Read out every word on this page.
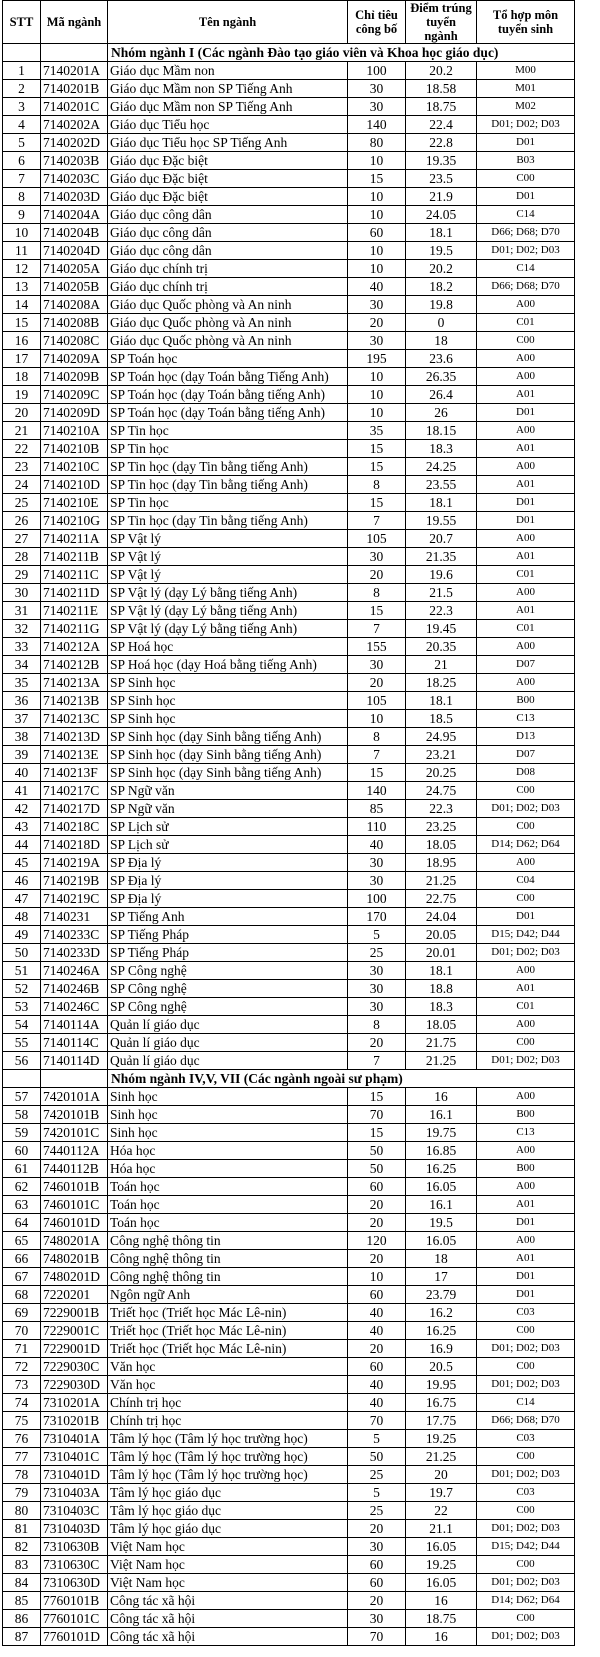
STT	Mã ngành	Tên ngành	Chỉ tiêu công bố	Điểm trúng tuyển ngành	Tổ hợp môn tuyển sinh
		Nhóm ngành I (Các ngành Đào tạo giáo viên và Khoa học giáo dục)			
1	7140201A	Giáo dục Mầm non	100	20.2	M00
2	7140201B	Giáo dục Mầm non SP Tiếng Anh	30	18.58	M01
3	7140201C	Giáo dục Mầm non SP Tiếng Anh	30	18.75	M02
4	7140202A	Giáo dục Tiểu học	140	22.4	D01; D02; D03
5	7140202D	Giáo dục Tiểu học SP Tiếng Anh	80	22.8	D01
6	7140203B	Giáo dục Đặc biệt	10	19.35	B03
7	7140203C	Giáo dục Đặc biệt	15	23.5	C00
8	7140203D	Giáo dục Đặc biệt	10	21.9	D01
9	7140204A	Giáo dục công dân	10	24.05	C14
10	7140204B	Giáo dục công dân	60	18.1	D66; D68; D70
11	7140204D	Giáo dục công dân	10	19.5	D01; D02; D03
12	7140205A	Giáo dục chính trị	10	20.2	C14
13	7140205B	Giáo dục chính trị	40	18.2	D66; D68; D70
14	7140208A	Giáo dục Quốc phòng và An ninh	30	19.8	A00
15	7140208B	Giáo dục Quốc phòng và An ninh	20	0	C01
16	7140208C	Giáo dục Quốc phòng và An ninh	30	18	C00
17	7140209A	SP Toán học	195	23.6	A00
18	7140209B	SP Toán học (dạy Toán bằng Tiếng Anh)	10	26.35	A00
19	7140209C	SP Toán học (dạy Toán bằng tiếng Anh)	10	26.4	A01
20	7140209D	SP Toán học (dạy Toán bằng tiếng Anh)	10	26	D01
21	7140210A	SP Tin học	35	18.15	A00
22	7140210B	SP Tin học	15	18.3	A01
23	7140210C	SP Tin học (dạy Tin bằng tiếng Anh)	15	24.25	A00
24	7140210D	SP Tin học (dạy Tin bằng tiếng Anh)	8	23.55	A01
25	7140210E	SP Tin học	15	18.1	D01
26	7140210G	SP Tin học (dạy Tin bằng tiếng Anh)	7	19.55	D01
27	7140211A	SP Vật lý	105	20.7	A00
28	7140211B	SP Vật lý	30	21.35	A01
29	7140211C	SP Vật lý	20	19.6	C01
30	7140211D	SP Vật lý (dạy Lý bằng tiếng Anh)	8	21.5	A00
31	7140211E	SP Vật lý (dạy Lý bằng tiếng Anh)	15	22.3	A01
32	7140211G	SP Vật lý (dạy Lý bằng tiếng Anh)	7	19.45	C01
33	7140212A	SP Hoá học	155	20.35	A00
34	7140212B	SP Hoá học (dạy Hoá bằng tiếng Anh)	30	21	D07
35	7140213A	SP Sinh học	20	18.25	A00
36	7140213B	SP Sinh học	105	18.1	B00
37	7140213C	SP Sinh học	10	18.5	C13
38	7140213D	SP Sinh học (dạy Sinh bằng tiếng Anh)	8	24.95	D13
39	7140213E	SP Sinh học (dạy Sinh bằng tiếng Anh)	7	23.21	D07
40	7140213F	SP Sinh học (dạy Sinh bằng tiếng Anh)	15	20.25	D08
41	7140217C	SP Ngữ văn	140	24.75	C00
42	7140217D	SP Ngữ văn	85	22.3	D01; D02; D03
43	7140218C	SP Lịch sử	110	23.25	C00
44	7140218D	SP Lịch sử	40	18.05	D14; D62; D64
45	7140219A	SP Địa lý	30	18.95	A00
46	7140219B	SP Địa lý	30	21.25	C04
47	7140219C	SP Địa lý	100	22.75	C00
48	7140231	SP Tiếng Anh	170	24.04	D01
49	7140233C	SP Tiếng Pháp	5	20.05	D15; D42; D44
50	7140233D	SP Tiếng Pháp	25	20.01	D01; D02; D03
51	7140246A	SP Công nghệ	30	18.1	A00
52	7140246B	SP Công nghệ	30	18.8	A01
53	7140246C	SP Công nghệ	30	18.3	C01
54	7140114A	Quản lí giáo dục	8	18.05	A00
55	7140114C	Quản lí giáo dục	20	21.75	C00
56	7140114D	Quản lí giáo dục	7	21.25	D01; D02; D03
		Nhóm ngành IV,V, VII (Các ngành ngoài sư phạm)			
57	7420101A	Sinh học	15	16	A00
58	7420101B	Sinh học	70	16.1	B00
59	7420101C	Sinh học	15	19.75	C13
60	7440112A	Hóa học	50	16.85	A00
61	7440112B	Hóa học	50	16.25	B00
62	7460101B	Toán học	60	16.05	A00
63	7460101C	Toán học	20	16.1	A01
64	7460101D	Toán học	20	19.5	D01
65	7480201A	Công nghệ thông tin	120	16.05	A00
66	7480201B	Công nghệ thông tin	20	18	A01
67	7480201D	Công nghệ thông tin	10	17	D01
68	7220201	Ngôn ngữ Anh	60	23.79	D01
69	7229001B	Triết học (Triết học Mác Lê-nin)	40	16.2	C03
70	7229001C	Triết học (Triết học Mác Lê-nin)	40	16.25	C00
71	7229001D	Triết học (Triết học Mác Lê-nin)	20	16.9	D01; D02; D03
72	7229030C	Văn học	60	20.5	C00
73	7229030D	Văn học	40	19.95	D01; D02; D03
74	7310201A	Chính trị học	40	16.75	C14
75	7310201B	Chính trị học	70	17.75	D66; D68; D70
76	7310401A	Tâm lý học (Tâm lý học trường học)	5	19.25	C03
77	7310401C	Tâm lý học (Tâm lý học trường học)	50	21.25	C00
78	7310401D	Tâm lý học (Tâm lý học trường học)	25	20	D01; D02; D03
79	7310403A	Tâm lý học giáo dục	5	19.7	C03
80	7310403C	Tâm lý học giáo dục	25	22	C00
81	7310403D	Tâm lý học giáo dục	20	21.1	D01; D02; D03
82	7310630B	Việt Nam học	30	16.05	D15; D42; D44
83	7310630C	Việt Nam học	60	19.25	C00
84	7310630D	Việt Nam học	60	16.05	D01; D02; D03
85	7760101B	Công tác xã hội	20	16	D14; D62; D64
86	7760101C	Công tác xã hội	30	18.75	C00
87	7760101D	Công tác xã hội	70	16	D01; D02; D03
